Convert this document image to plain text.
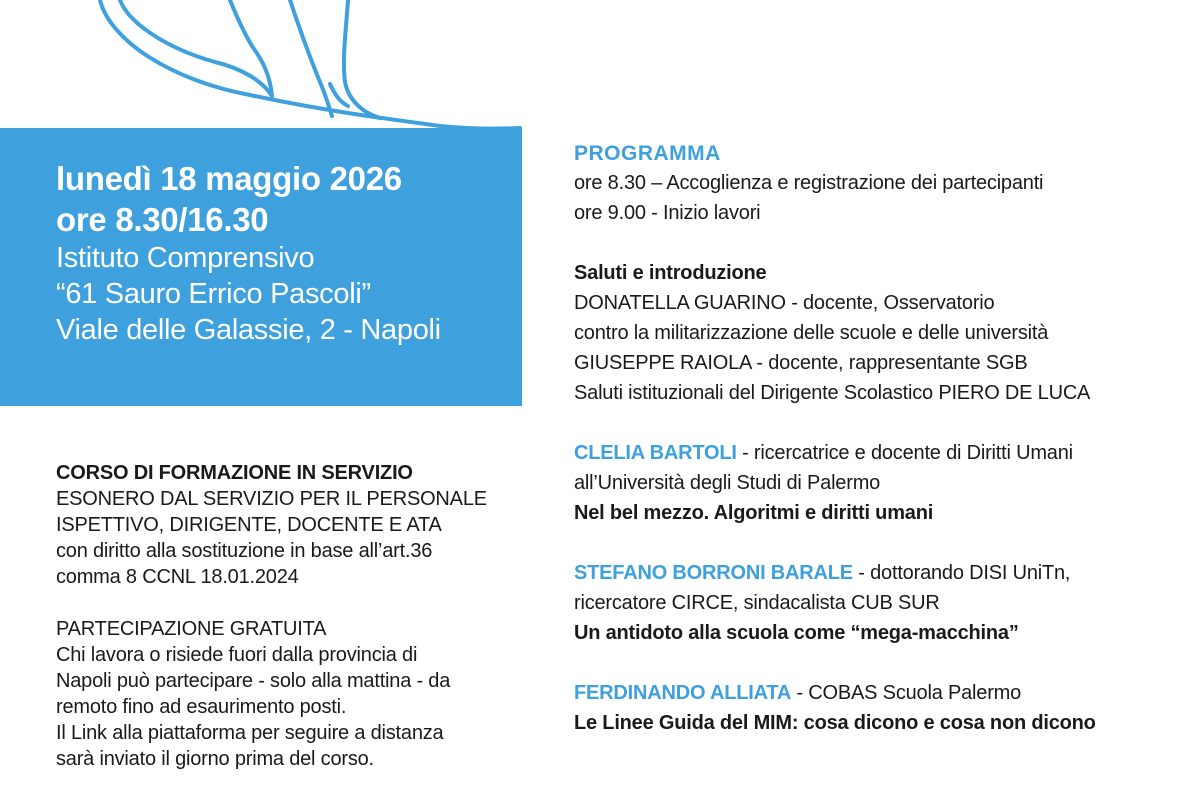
lunedì 18 maggio 2026
ore 8.30/16.30
Istituto Comprensivo
“61 Sauro Errico Pascoli”
Viale delle Galassie, 2 - Napoli

CORSO DI FORMAZIONE IN SERVIZIO

ESONERO DAL SERVIZIO PER IL PERSONALE

ISPETTIVO, DIRIGENTE, DOCENTE E ATA

con diritto alla sostituzione in base all’art.36

comma 8 CCNL 18.01.2024

PARTECIPAZIONE GRATUITA

Chi lavora o risiede fuori dalla provincia di

Napoli può partecipare - solo alla mattina - da

remoto fino ad esaurimento posti.

Il Link alla piattaforma per seguire a distanza

sarà inviato il giorno prima del corso.

PROGRAMMA

ore 8.30 – Accoglienza e registrazione dei partecipanti

ore 9.00 - Inizio lavori

Saluti e introduzione

DONATELLA GUARINO - docente, Osservatorio

contro la militarizzazione delle scuole e delle università

GIUSEPPE RAIOLA - docente, rappresentante SGB

Saluti istituzionali del Dirigente Scolastico PIERO DE LUCA

CLELIA BARTOLI - ricercatrice e docente di Diritti Umani

all’Università degli Studi di Palermo

Nel bel mezzo. Algoritmi e diritti umani

STEFANO BORRONI BARALE - dottorando DISI UniTn,

ricercatore CIRCE, sindacalista CUB SUR

Un antidoto alla scuola come “mega-macchina”

FERDINANDO ALLIATA - COBAS Scuola Palermo

Le Linee Guida del MIM: cosa dicono e cosa non dicono
